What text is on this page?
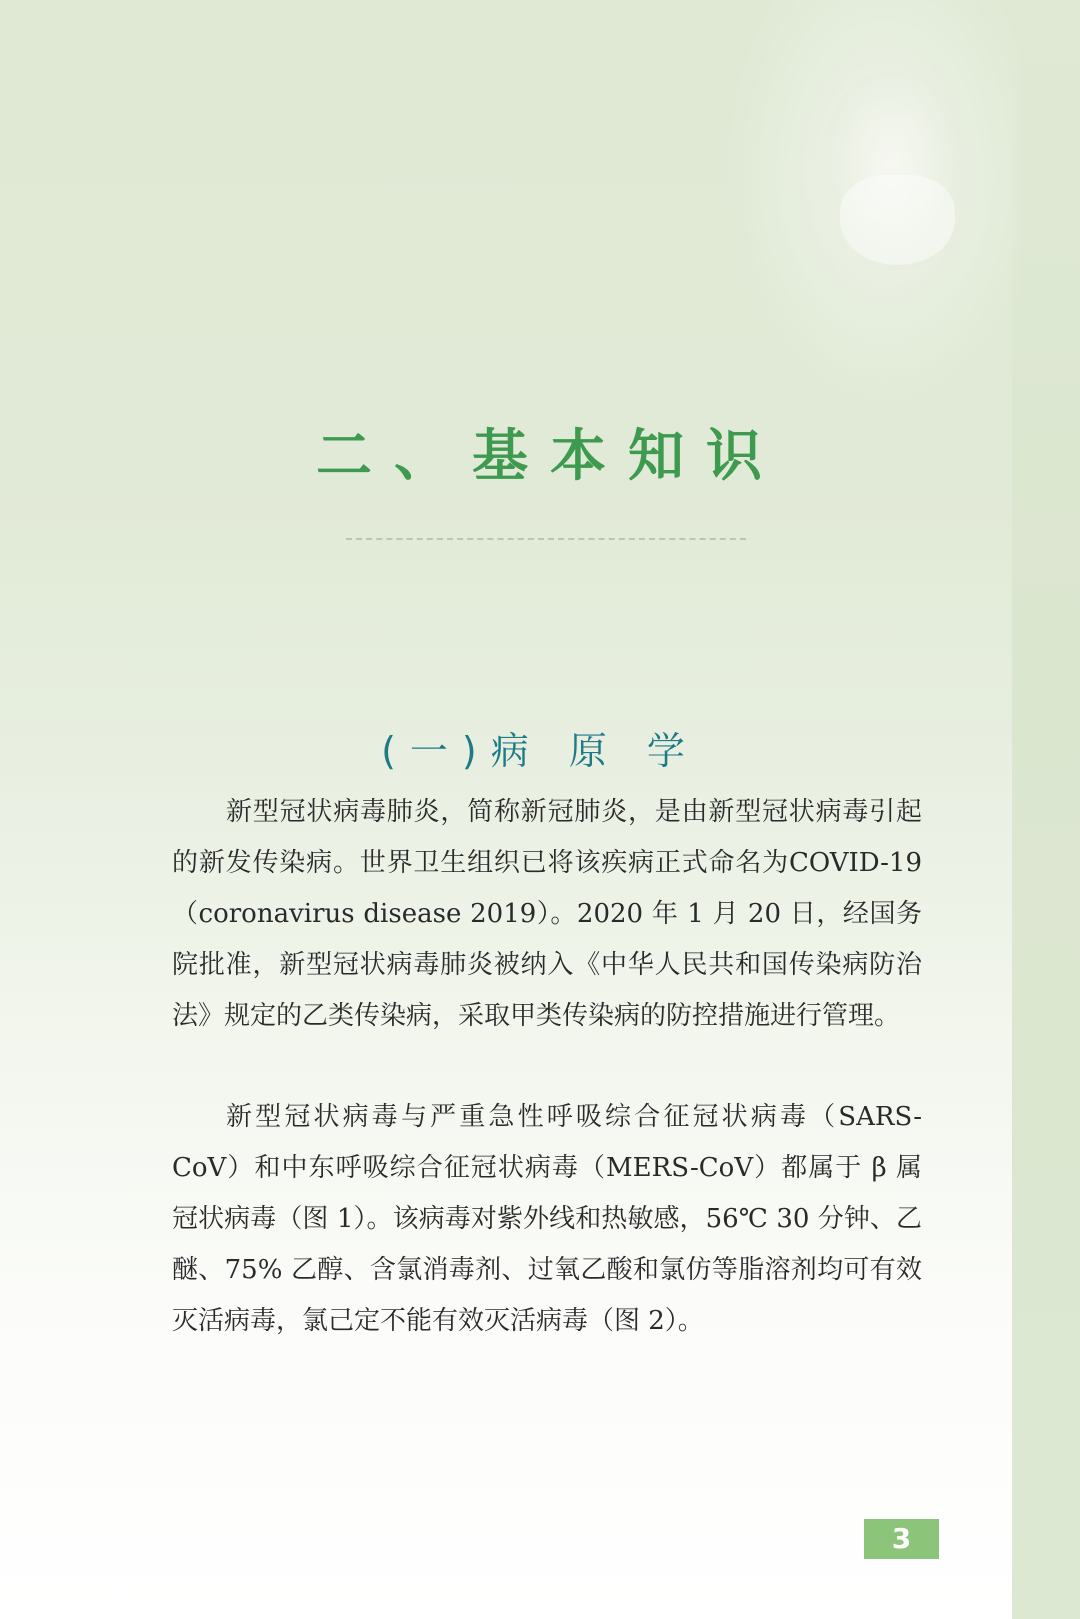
二、基本知识
(一)病 原 学

新型冠状病毒肺炎，简称新冠肺炎，是由新型冠状病毒引起的新发传染病。世界卫生组织已将该疾病正式命名为COVID-19（coronavirus disease 2019）。2020 年 1 月 20 日，经国务院批准，新型冠状病毒肺炎被纳入《中华人民共和国传染病防治法》规定的乙类传染病，采取甲类传染病的防控措施进行管理。

新型冠状病毒与严重急性呼吸综合征冠状病毒（SARS-CoV）和中东呼吸综合征冠状病毒（MERS-CoV）都属于 β 属冠状病毒（图 1）。该病毒对紫外线和热敏感，56℃ 30 分钟、乙醚、75% 乙醇、含氯消毒剂、过氧乙酸和氯仿等脂溶剂均可有效灭活病毒，氯己定不能有效灭活病毒（图 2）。

3
